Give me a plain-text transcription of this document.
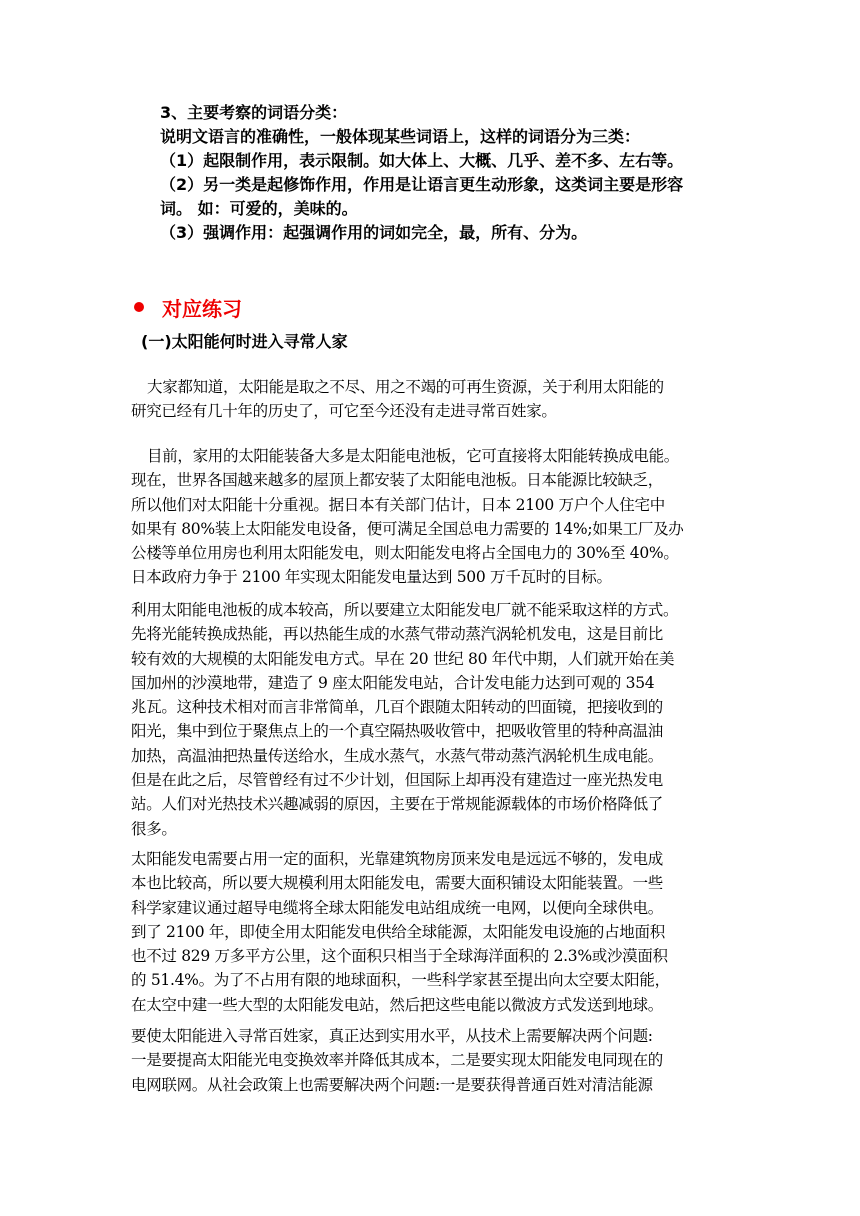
3、主要考察的词语分类：

说明文语言的准确性，一般体现某些词语上，这样的词语分为三类：

（1）起限制作用，表示限制。如大体上、大概、几乎、差不多、左右等。

（2）另一类是起修饰作用，作用是让语言更生动形象，这类词主要是形容

词。 如：可爱的，美味的。

（3）强调作用：起强调作用的词如完全，最，所有、分为。

对应练习
(一)太阳能何时进入寻常人家
大家都知道，太阳能是取之不尽、用之不竭的可再生资源，关于利用太阳能的
研究已经有几十年的历史了，可它至今还没有走进寻常百姓家。
目前，家用的太阳能装备大多是太阳能电池板，它可直接将太阳能转换成电能。
现在，世界各国越来越多的屋顶上都安装了太阳能电池板。日本能源比较缺乏，
所以他们对太阳能十分重视。据日本有关部门估计，日本 2100 万户个人住宅中
如果有 80%装上太阳能发电设备，便可满足全国总电力需要的 14%;如果工厂及办
公楼等单位用房也利用太阳能发电，则太阳能发电将占全国电力的 30%至 40%。
日本政府力争于 2100 年实现太阳能发电量达到 500 万千瓦时的目标。
利用太阳能电池板的成本较高，所以要建立太阳能发电厂就不能采取这样的方式。
先将光能转换成热能，再以热能生成的水蒸气带动蒸汽涡轮机发电，这是目前比
较有效的大规模的太阳能发电方式。早在 20 世纪 80 年代中期，人们就开始在美
国加州的沙漠地带，建造了 9 座太阳能发电站，合计发电能力达到可观的 354
兆瓦。这种技术相对而言非常简单，几百个跟随太阳转动的凹面镜，把接收到的
阳光，集中到位于聚焦点上的一个真空隔热吸收管中，把吸收管里的特种高温油
加热，高温油把热量传送给水，生成水蒸气，水蒸气带动蒸汽涡轮机生成电能。
但是在此之后，尽管曾经有过不少计划，但国际上却再没有建造过一座光热发电
站。人们对光热技术兴趣减弱的原因，主要在于常规能源载体的市场价格降低了
很多。
太阳能发电需要占用一定的面积，光靠建筑物房顶来发电是远远不够的，发电成
本也比较高，所以要大规模利用太阳能发电，需要大面积铺设太阳能装置。一些
科学家建议通过超导电缆将全球太阳能发电站组成统一电网，以便向全球供电。
到了 2100 年，即使全用太阳能发电供给全球能源，太阳能发电设施的占地面积
也不过 829 万多平方公里，这个面积只相当于全球海洋面积的 2.3%或沙漠面积
的 51.4%。为了不占用有限的地球面积，一些科学家甚至提出向太空要太阳能，
在太空中建一些大型的太阳能发电站，然后把这些电能以微波方式发送到地球。
要使太阳能进入寻常百姓家，真正达到实用水平，从技术上需要解决两个问题:
一是要提高太阳能光电变换效率并降低其成本，二是要实现太阳能发电同现在的
电网联网。从社会政策上也需要解决两个问题:一是要获得普通百姓对清洁能源
